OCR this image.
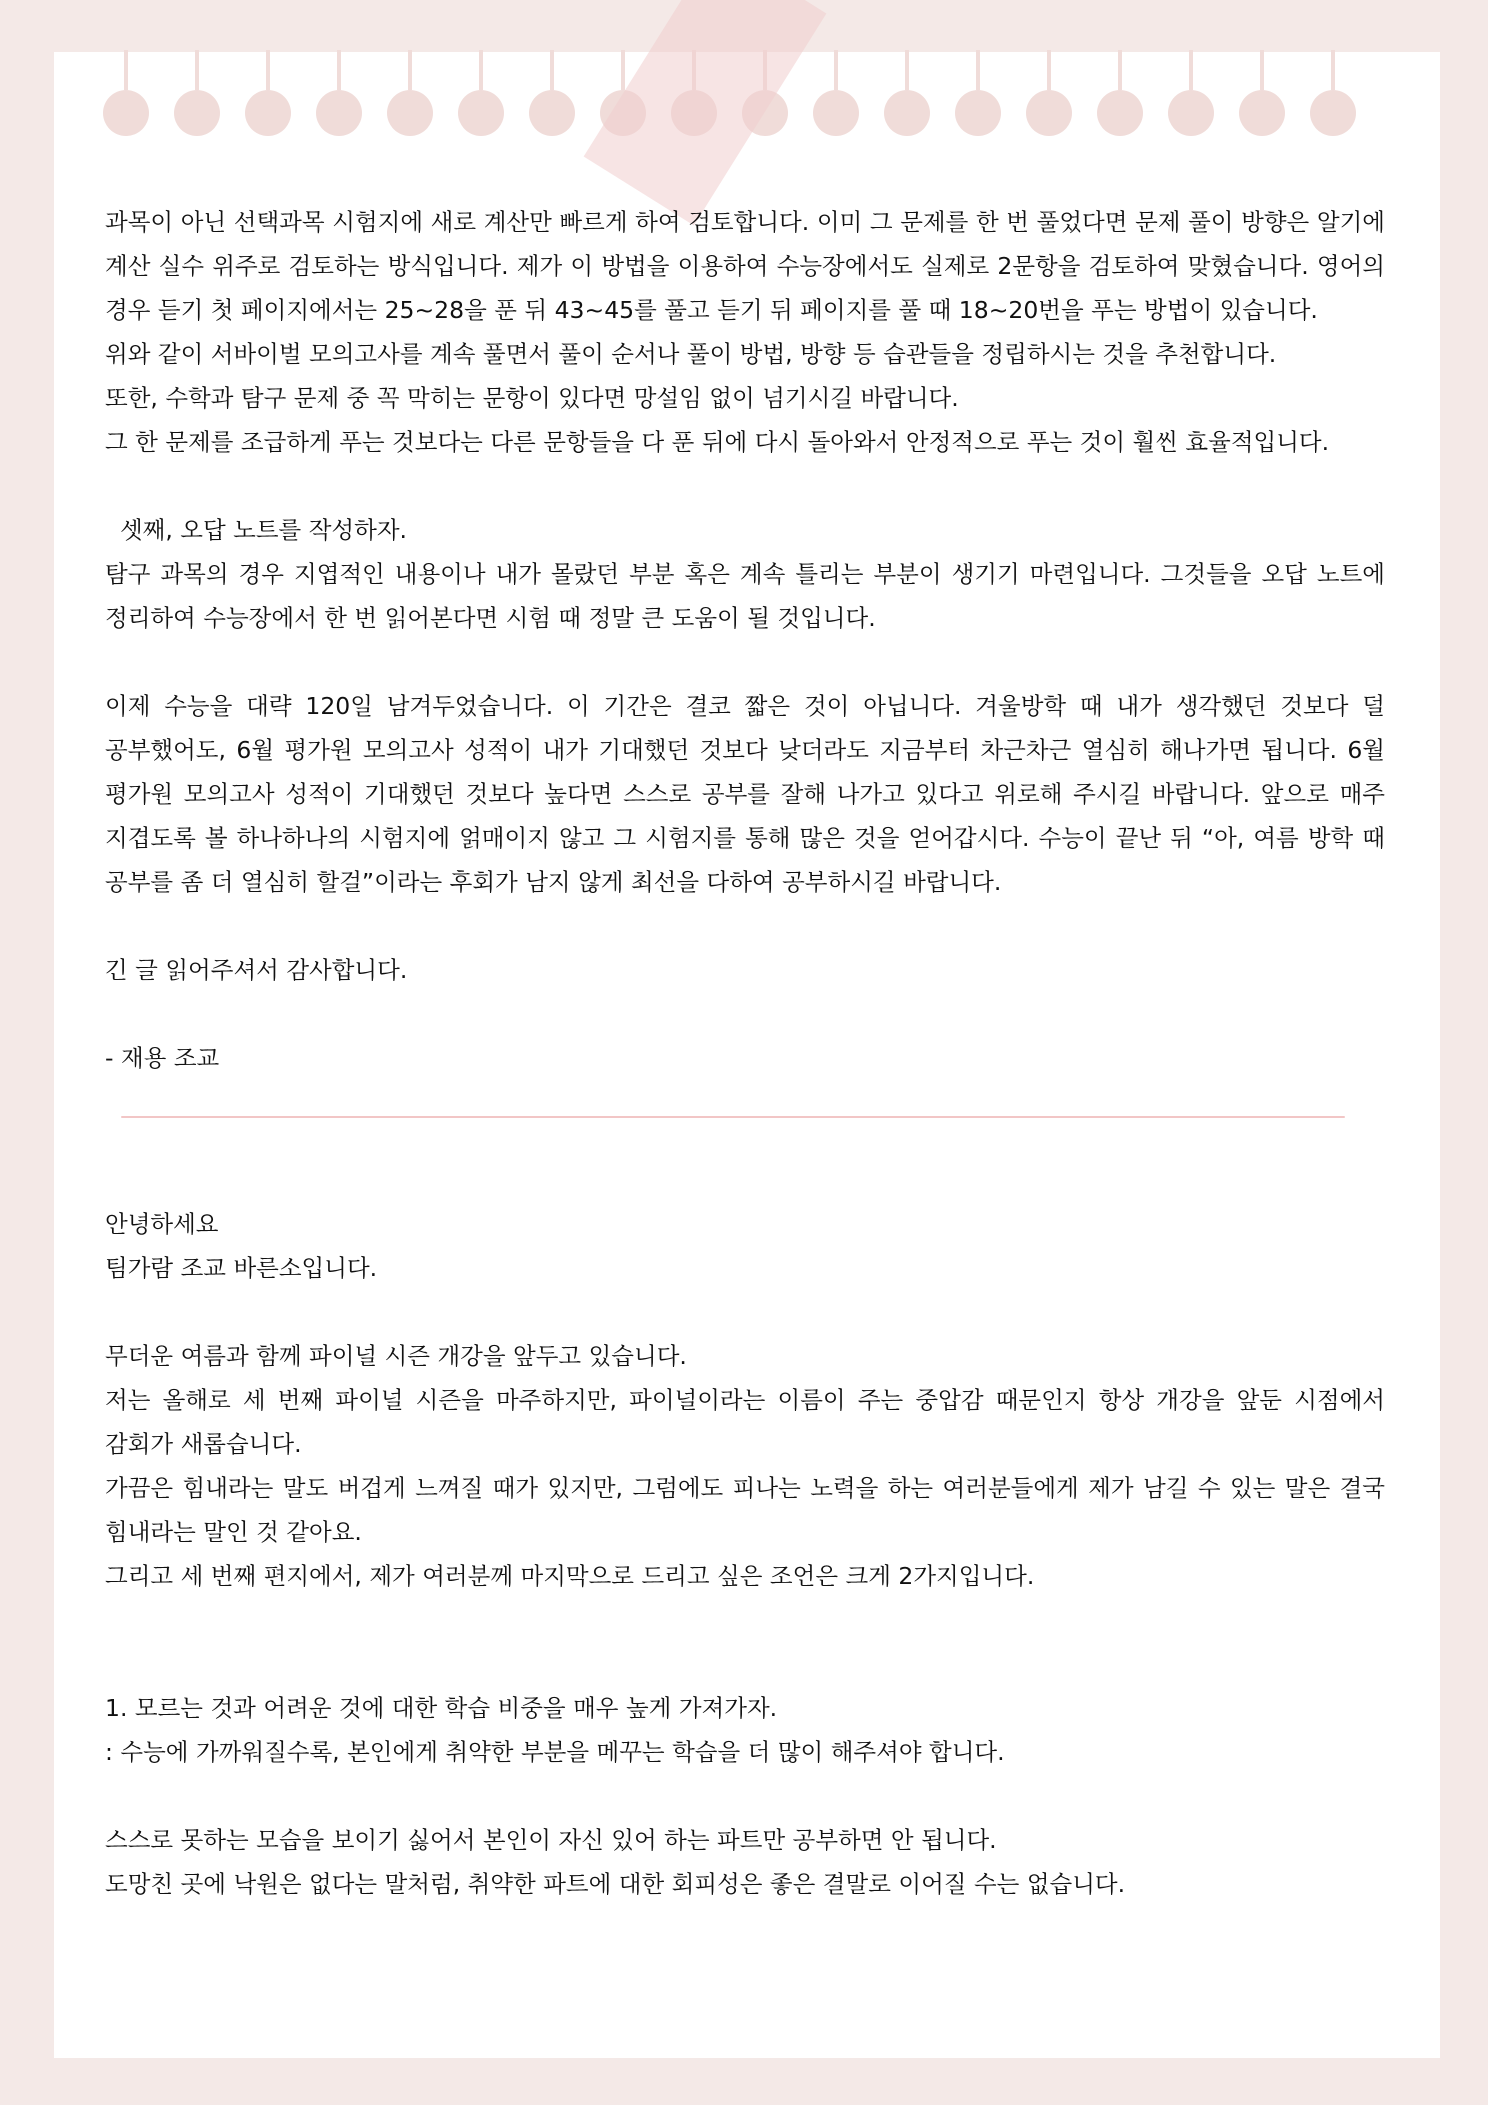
과목이 아닌 선택과목 시험지에 새로 계산만 빠르게 하여 검토합니다. 이미 그 문제를 한 번 풀었다면 문제 풀이 방향은 알기에 계산 실수 위주로 검토하는 방식입니다. 제가 이 방법을 이용하여 수능장에서도 실제로 2문항을 검토하여 맞혔습니다. 영어의 경우 듣기 첫 페이지에서는 25~28을 푼 뒤 43~45를 풀고 듣기 뒤 페이지를 풀 때 18~20번을 푸는 방법이 있습니다.

위와 같이 서바이벌 모의고사를 계속 풀면서 풀이 순서나 풀이 방법, 방향 등 습관들을 정립하시는 것을 추천합니다.

또한, 수학과 탐구 문제 중 꼭 막히는 문항이 있다면 망설임 없이 넘기시길 바랍니다.

그 한 문제를 조급하게 푸는 것보다는 다른 문항들을 다 푼 뒤에 다시 돌아와서 안정적으로 푸는 것이 훨씬 효율적입니다.

셋째, 오답 노트를 작성하자.

탐구 과목의 경우 지엽적인 내용이나 내가 몰랐던 부분 혹은 계속 틀리는 부분이 생기기 마련입니다. 그것들을 오답 노트에 정리하여 수능장에서 한 번 읽어본다면 시험 때 정말 큰 도움이 될 것입니다.

이제 수능을 대략 120일 남겨두었습니다. 이 기간은 결코 짧은 것이 아닙니다. 겨울방학 때 내가 생각했던 것보다 덜 공부했어도, 6월 평가원 모의고사 성적이 내가 기대했던 것보다 낮더라도 지금부터 차근차근 열심히 해나가면 됩니다. 6월 평가원 모의고사 성적이 기대했던 것보다 높다면 스스로 공부를 잘해 나가고 있다고 위로해 주시길 바랍니다. 앞으로 매주 지겹도록 볼 하나하나의 시험지에 얽매이지 않고 그 시험지를 통해 많은 것을 얻어갑시다. 수능이 끝난 뒤 “아, 여름 방학 때 공부를 좀 더 열심히 할걸”이라는 후회가 남지 않게 최선을 다하여 공부하시길 바랍니다.

긴 글 읽어주셔서 감사합니다.

- 재용 조교

안녕하세요

팀가람 조교 바른소입니다.

무더운 여름과 함께 파이널 시즌 개강을 앞두고 있습니다.

저는 올해로 세 번째 파이널 시즌을 마주하지만, 파이널이라는 이름이 주는 중압감 때문인지 항상 개강을 앞둔 시점에서 감회가 새롭습니다.

가끔은 힘내라는 말도 버겁게 느껴질 때가 있지만, 그럼에도 피나는 노력을 하는 여러분들에게 제가 남길 수 있는 말은 결국 힘내라는 말인 것 같아요.

그리고 세 번째 편지에서, 제가 여러분께 마지막으로 드리고 싶은 조언은 크게 2가지입니다.

1. 모르는 것과 어려운 것에 대한 학습 비중을 매우 높게 가져가자.

: 수능에 가까워질수록, 본인에게 취약한 부분을 메꾸는 학습을 더 많이 해주셔야 합니다.

스스로 못하는 모습을 보이기 싫어서 본인이 자신 있어 하는 파트만 공부하면 안 됩니다.

도망친 곳에 낙원은 없다는 말처럼, 취약한 파트에 대한 회피성은 좋은 결말로 이어질 수는 없습니다.
